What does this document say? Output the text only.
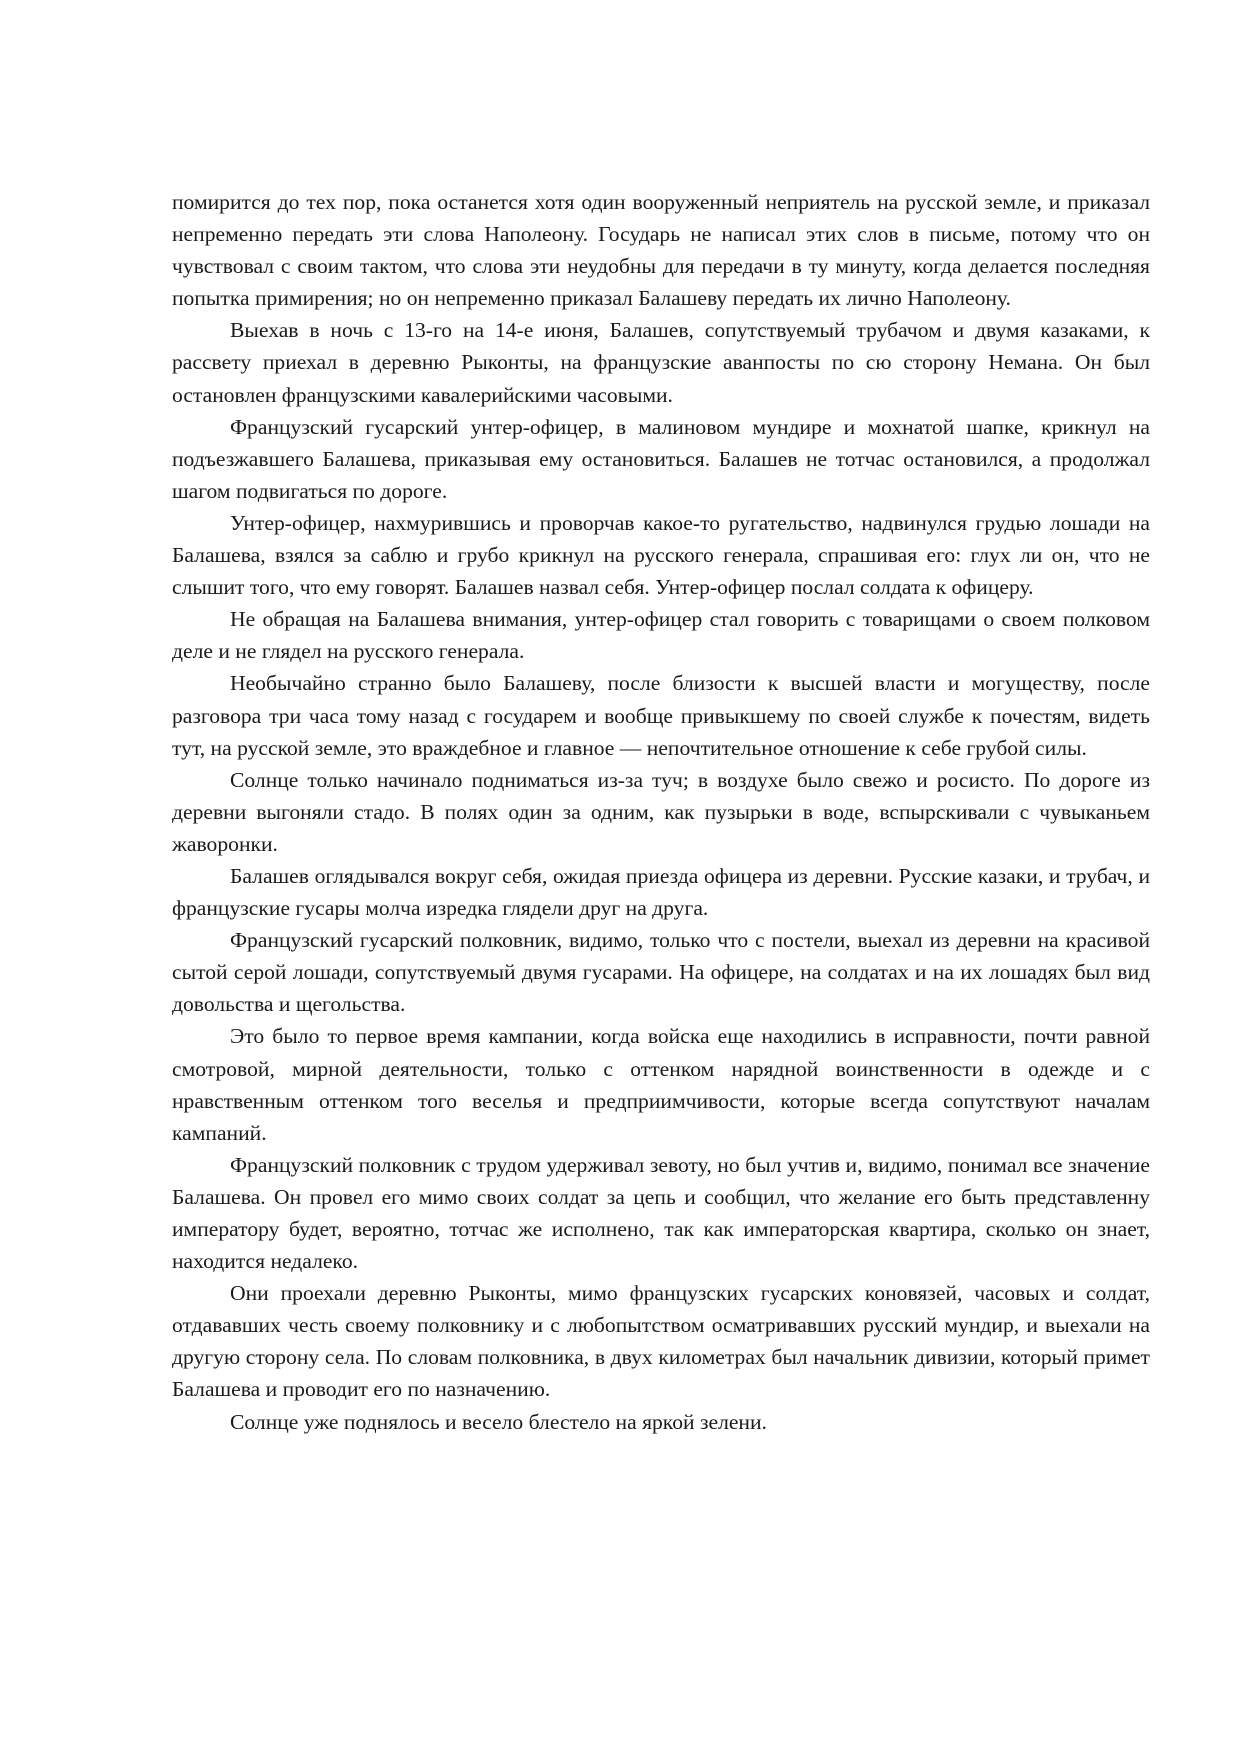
помирится до тех пор, пока останется хотя один вооруженный неприятель на русской земле, и приказал непременно передать эти слова Наполеону. Государь не написал этих слов в письме, потому что он чувствовал с своим тактом, что слова эти неудобны для передачи в ту минуту, когда делается последняя попытка примирения; но он непременно приказал Балашеву передать их лично Наполеону.

Выехав в ночь с 13-го на 14-е июня, Балашев, сопутствуемый трубачом и двумя казаками, к рассвету приехал в деревню Рыконты, на французские аванпосты по сю сторону Немана. Он был остановлен французскими кавалерийскими часовыми.

Французский гусарский унтер-офицер, в малиновом мундире и мохнатой шапке, крикнул на подъезжавшего Балашева, приказывая ему остановиться. Балашев не тотчас остановился, а продолжал шагом подвигаться по дороге.

Унтер-офицер, нахмурившись и проворчав какое-то ругательство, надвинулся грудью лошади на Балашева, взялся за саблю и грубо крикнул на русского генерала, спрашивая его: глух ли он, что не слышит того, что ему говорят. Балашев назвал себя. Унтер-офицер послал солдата к офицеру.

Не обращая на Балашева внимания, унтер-офицер стал говорить с товарищами о своем полковом деле и не глядел на русского генерала.

Необычайно странно было Балашеву, после близости к высшей власти и могуществу, после разговора три часа тому назад с государем и вообще привыкшему по своей службе к почестям, видеть тут, на русской земле, это враждебное и главное — непочтительное отношение к себе грубой силы.

Солнце только начинало подниматься из-за туч; в воздухе было свежо и росисто. По дороге из деревни выгоняли стадо. В полях один за одним, как пузырьки в воде, вспырскивали с чувыканьем жаворонки.

Балашев оглядывался вокруг себя, ожидая приезда офицера из деревни. Русские казаки, и трубач, и французские гусары молча изредка глядели друг на друга.

Французский гусарский полковник, видимо, только что с постели, выехал из деревни на красивой сытой серой лошади, сопутствуемый двумя гусарами. На офицере, на солдатах и на их лошадях был вид довольства и щегольства.

Это было то первое время кампании, когда войска еще находились в исправности, почти равной смотровой, мирной деятельности, только с оттенком нарядной воинственности в одежде и с нравственным оттенком того веселья и предприимчивости, которые всегда сопутствуют началам кампаний.

Французский полковник с трудом удерживал зевоту, но был учтив и, видимо, понимал все значение Балашева. Он провел его мимо своих солдат за цепь и сообщил, что желание его быть представленну императору будет, вероятно, тотчас же исполнено, так как императорская квартира, сколько он знает, находится недалеко.

Они проехали деревню Рыконты, мимо французских гусарских коновязей, часовых и солдат, отдававших честь своему полковнику и с любопытством осматривавших русский мундир, и выехали на другую сторону села. По словам полковника, в двух километрах был начальник дивизии, который примет Балашева и проводит его по назначению.

Солнце уже поднялось и весело блестело на яркой зелени.
